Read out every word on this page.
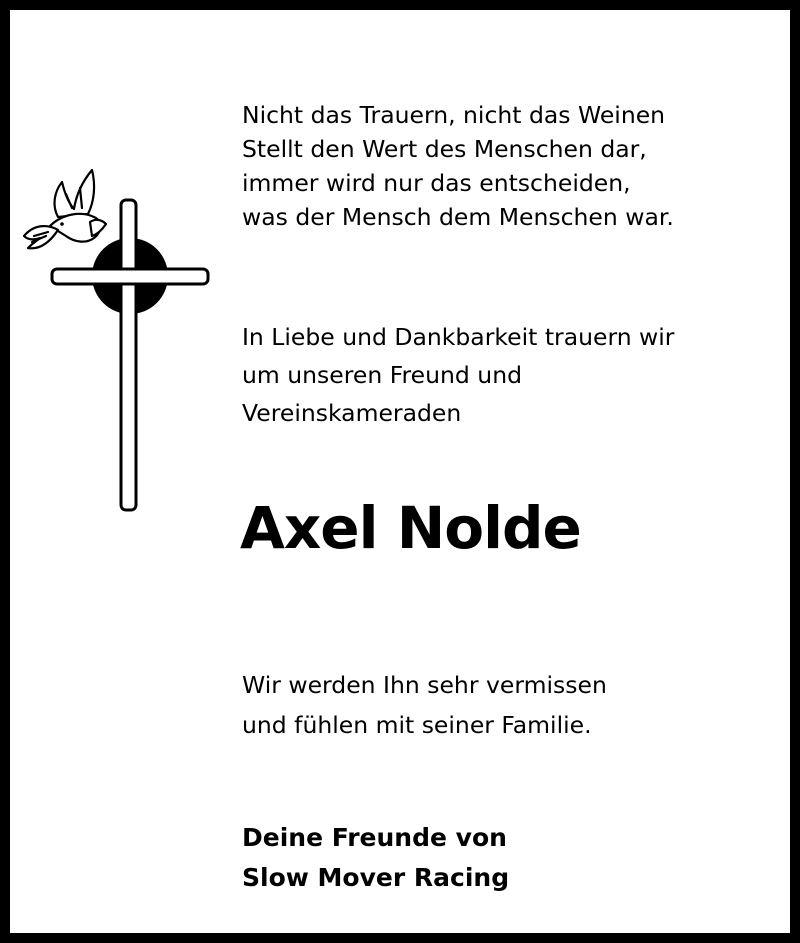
Nicht das Trauern, nicht das Weinen
Stellt den Wert des Menschen dar,
immer wird nur das entscheiden,
was der Mensch dem Menschen war.

In Liebe und Dankbarkeit trauern wir
um unseren Freund und
Vereinskameraden
Axel Nolde
Wir werden Ihn sehr vermissen
und fühlen mit seiner Familie.
Deine Freunde von
Slow Mover Racing
